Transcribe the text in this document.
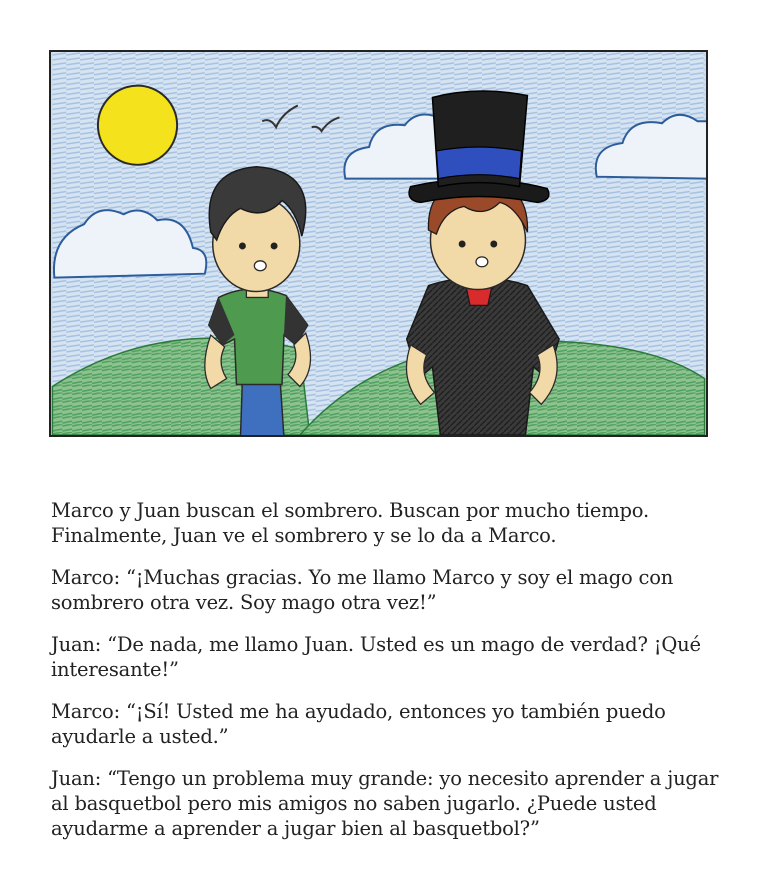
Marco y Juan buscan el sombrero. Buscan por mucho tiempo. Finalmente, Juan ve el sombrero y se lo da a Marco.

Marco: “¡Muchas gracias. Yo me llamo Marco y soy el mago con sombrero otra vez. Soy mago otra vez!”

Juan: “De nada, me llamo Juan. Usted es un mago de verdad? ¡Qué interesante!”

Marco: “¡Sí! Usted me ha ayudado, entonces yo también puedo ayudarle a usted.”

Juan: “Tengo un problema muy grande: yo necesito aprender a jugar al basquetbol pero mis amigos no saben jugarlo. ¿Puede usted ayudarme a aprender a jugar bien al basquetbol?”
